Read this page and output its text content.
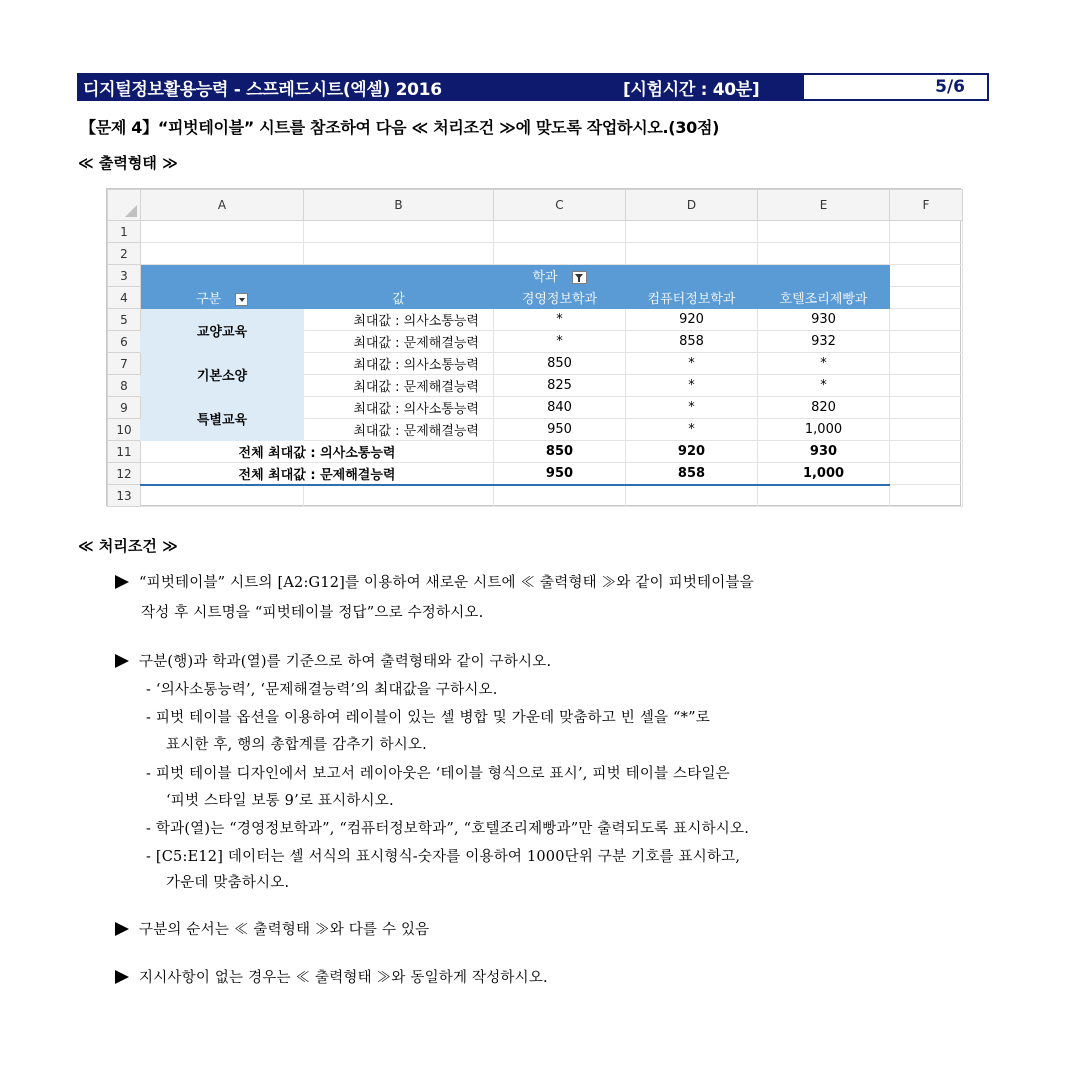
디지털정보활용능력 - 스프레드시트(엑셀) 2016	[시험시간 : 40분]	5/6
【문제 4】“피벗테이블” 시트를 참조하여 다음 ≪ 처리조건 ≫에 맞도록 작업하시오.(30점)
≪ 출력형태 ≫
	A	B	C	D	E	F
1						
2						
3			학과			
4	구분	값	경영정보학과	컴퓨터정보학과	호텔조리제빵과	
5	교양교육	최대값 : 의사소통능력	*	920	930	
6		최대값 : 문제해결능력	*	858	932	
7	기본소양	최대값 : 의사소통능력	850	*	*	
8		최대값 : 문제해결능력	825	*	*	
9	특별교육	최대값 : 의사소통능력	840	*	820	
10		최대값 : 문제해결능력	950	*	1,000	
11	전체 최대값 : 의사소통능력		850	920	930	
12	전체 최대값 : 문제해결능력		950	858	1,000	
13						
≪ 처리조건 ≫
“피벗테이블” 시트의 [A2:G12]를 이용하여 새로운 시트에 ≪ 출력형태 ≫와 같이 피벗테이블을
작성 후 시트명을 “피벗테이블 정답”으로 수정하시오.
구분(행)과 학과(열)를 기준으로 하여 출력형태와 같이 구하시오.
- ‘의사소통능력’, ‘문제해결능력’의 최대값을 구하시오.
- 피벗 테이블 옵션을 이용하여 레이블이 있는 셀 병합 및 가운데 맞춤하고 빈 셀을 “*”로
표시한 후, 행의 총합계를 감추기 하시오.
- 피벗 테이블 디자인에서 보고서 레이아웃은 ‘테이블 형식으로 표시’, 피벗 테이블 스타일은
‘피벗 스타일 보통 9’로 표시하시오.
- 학과(열)는 “경영정보학과”, “컴퓨터정보학과”, “호텔조리제빵과”만 출력되도록 표시하시오.
- [C5:E12] 데이터는 셀 서식의 표시형식-숫자를 이용하여 1000단위 구분 기호를 표시하고,
가운데 맞춤하시오.
구분의 순서는 ≪ 출력형태 ≫와 다를 수 있음
지시사항이 없는 경우는 ≪ 출력형태 ≫와 동일하게 작성하시오.
